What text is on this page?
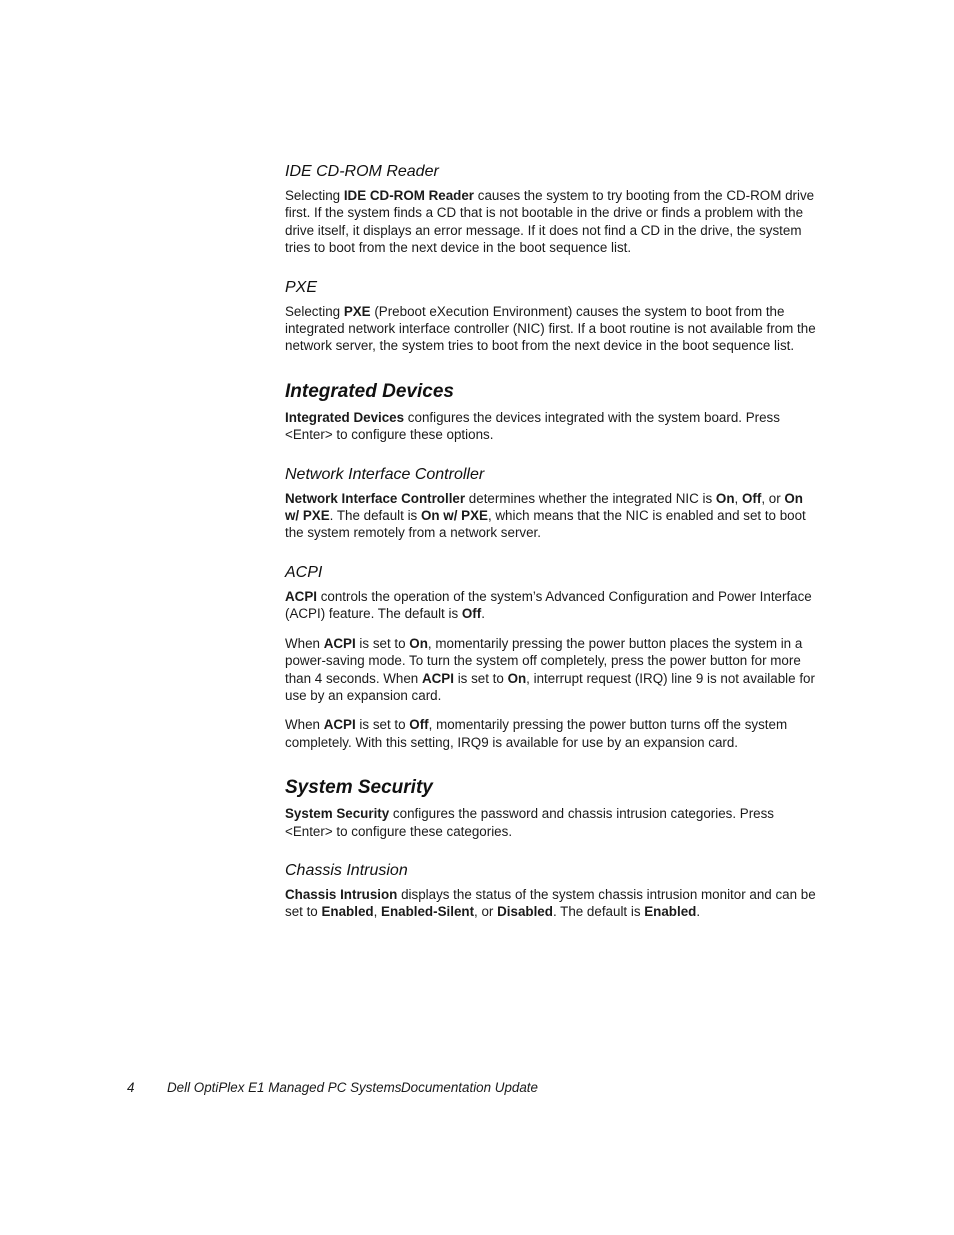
IDE CD-ROM Reader

Selecting IDE CD-ROM Reader causes the system to try booting from the CD-ROM drive first. If the system finds a CD that is not bootable in the drive or finds a problem with the drive itself, it displays an error message. If it does not find a CD in the drive, the system tries to boot from the next device in the boot sequence list.

PXE

Selecting PXE (Preboot eXecution Environment) causes the system to boot from the integrated network interface controller (NIC) first. If a boot routine is not available from the network server, the system tries to boot from the next device in the boot sequence list.

Integrated Devices

Integrated Devices configures the devices integrated with the system board. Press <Enter> to configure these options.

Network Interface Controller

Network Interface Controller determines whether the integrated NIC is On, Off, or On w/ PXE. The default is On w/ PXE, which means that the NIC is enabled and set to boot the system remotely from a network server.

ACPI

ACPI controls the operation of the system’s Advanced Configuration and Power Interface (ACPI) feature. The default is Off.

When ACPI is set to On, momentarily pressing the power button places the system in a power-saving mode. To turn the system off completely, press the power button for more than 4 seconds. When ACPI is set to On, interrupt request (IRQ) line 9 is not available for use by an expansion card.

When ACPI is set to Off, momentarily pressing the power button turns off the system completely. With this setting, IRQ9 is available for use by an expansion card.

System Security

System Security configures the password and chassis intrusion categories. Press <Enter> to configure these categories.

Chassis Intrusion

Chassis Intrusion displays the status of the system chassis intrusion monitor and can be set to Enabled, Enabled-Silent, or Disabled. The default is Enabled.

4 Dell OptiPlex E1 Managed PC Systems Documentation Update
